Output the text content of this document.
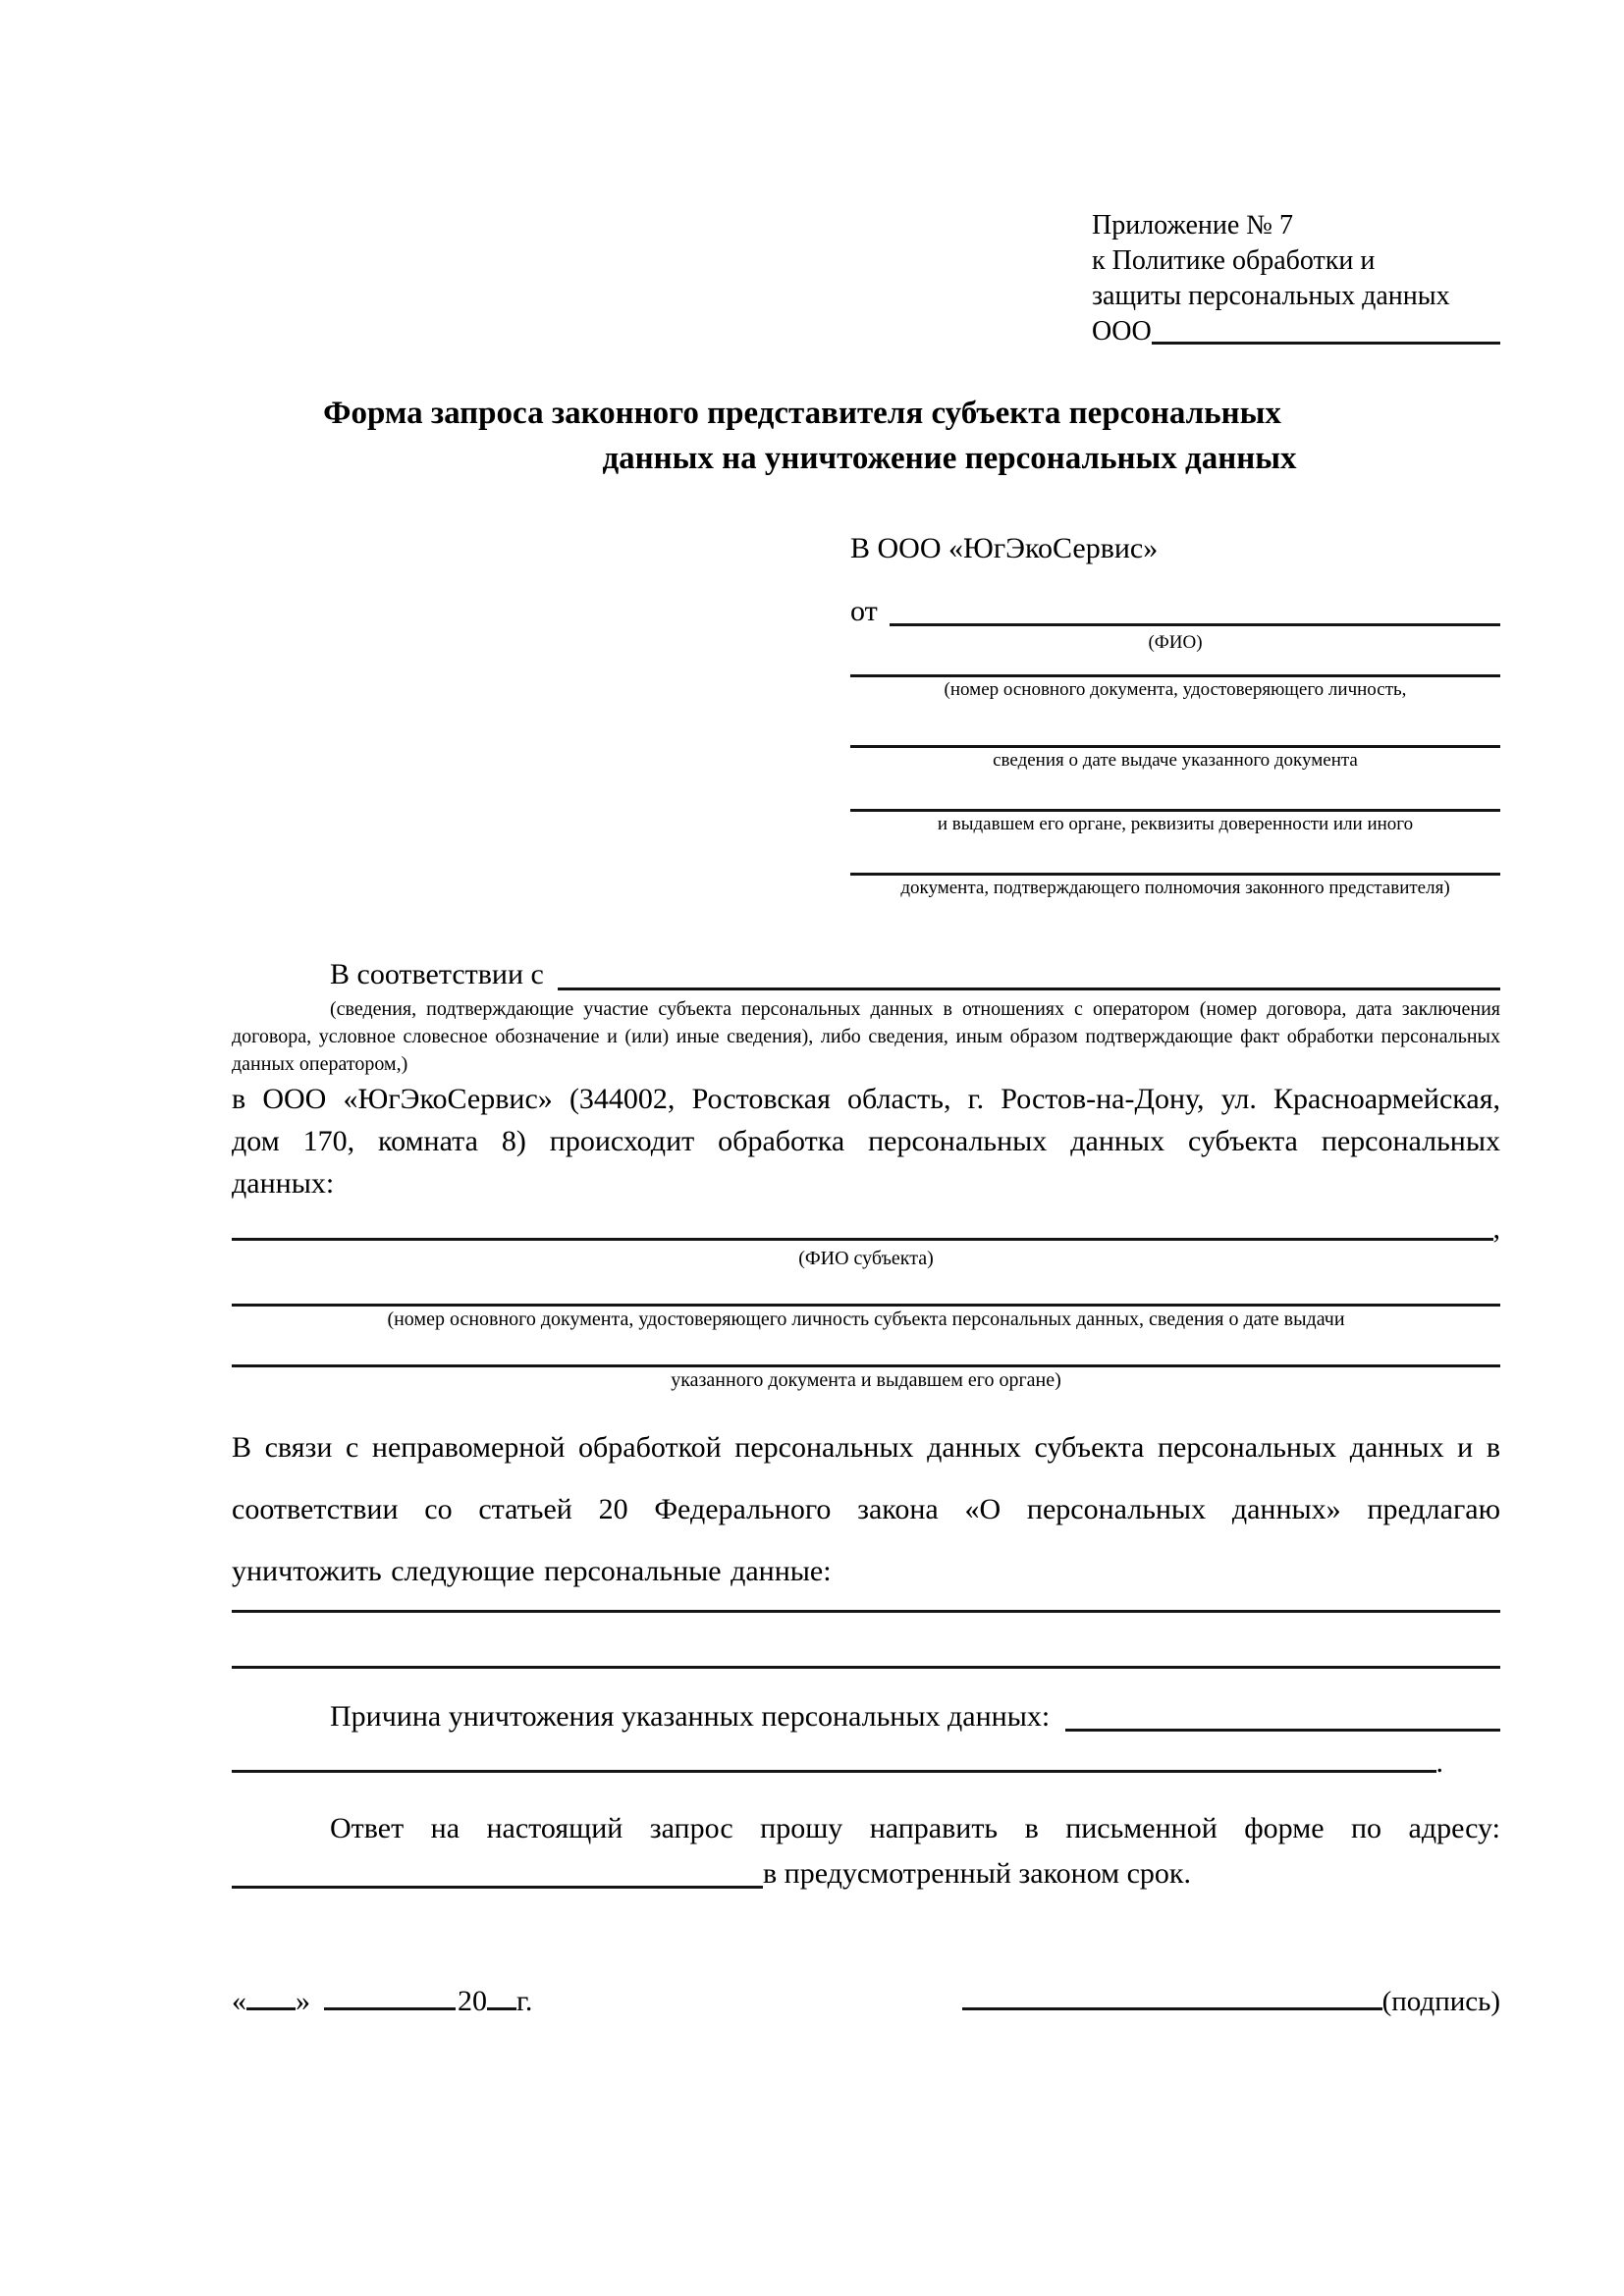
Приложение № 7
к Политике обработки и
защиты персональных данных
ООО
Форма запроса законного представителя субъекта персональных
данных на уничтожение персональных данных
В ООО «ЮгЭкоСервис»
от
(ФИО)
(номер основного документа, удостоверяющего личность,
сведения о дате выдаче указанного документа
и выдавшем его органе, реквизиты доверенности или иного
документа, подтверждающего полномочия законного представителя)
В соответствии с
(сведения, подтверждающие участие субъекта персональных данных в отношениях с оператором (номер договора, дата заключения договора, условное словесное обозначение и (или) иные сведения), либо сведения, иным образом подтверждающие факт обработки персональных данных оператором,)
в ООО «ЮгЭкоСервис» (344002, Ростовская область, г. Ростов-на-Дону, ул. Красноармейская, дом 170, комната 8) происходит обработка персональных данных субъекта персональных данных:
,
(ФИО субъекта)
(номер основного документа, удостоверяющего личность субъекта персональных данных, сведения о дате выдачи
указанного документа и выдавшем его органе)
В связи с неправомерной обработкой персональных данных субъекта персональных данных и в соответствии со статьей 20 Федерального закона «О персональных данных» предлагаю уничтожить следующие персональные данные:
Причина уничтожения указанных персональных данных:
.
Ответ на настоящий запрос прошу направить в письменной форме по адресу:
в предусмотренный законом срок.
« »	20 г.	(подпись)
